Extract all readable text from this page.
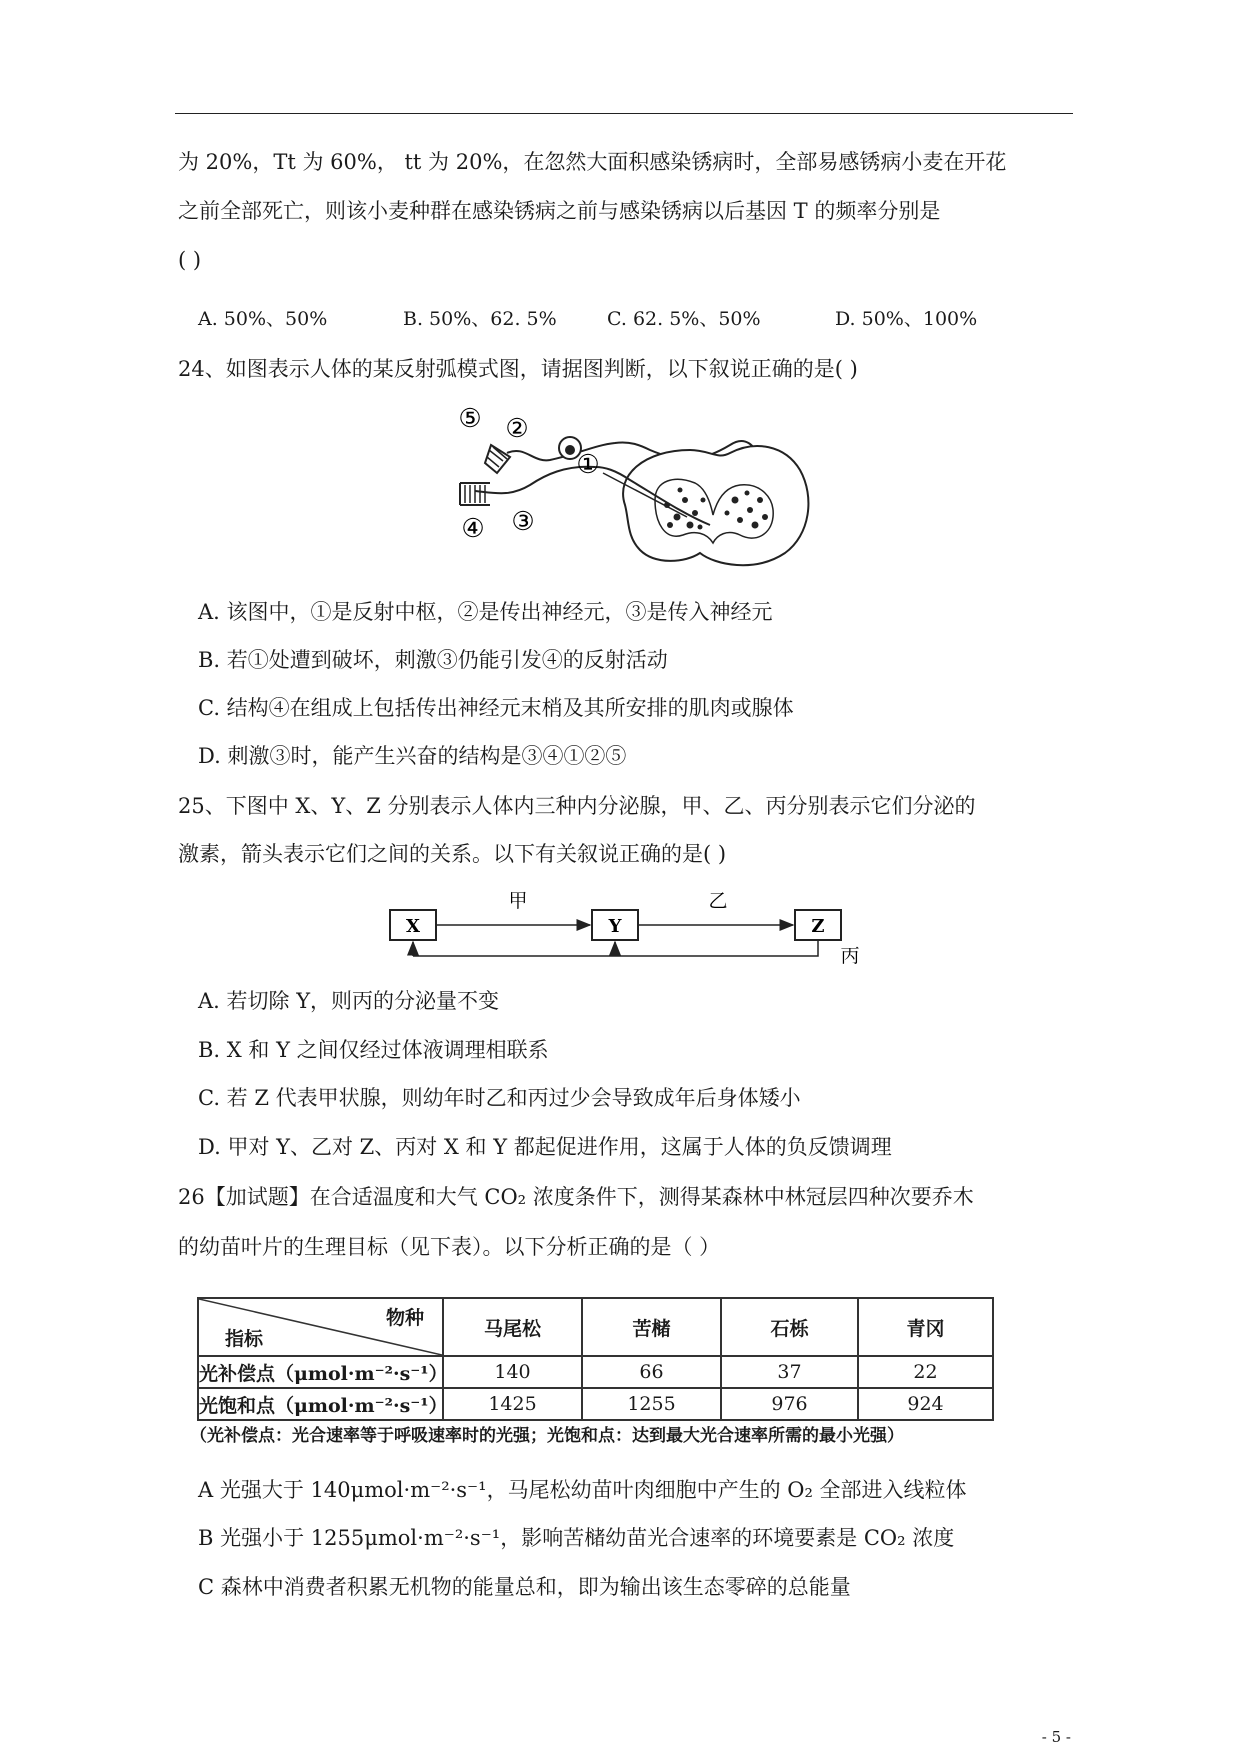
为 20%，Tt 为 60%， tt 为 20%，在忽然大面积感染锈病时，全部易感锈病小麦在开花
之前全部死亡，则该小麦种群在感染锈病之前与感染锈病以后基因 T 的频率分别是
( )
A. 50%、50%	B. 50%、62. 5%	C. 62. 5%、50%	D. 50%、100%
24、如图表示人体的某反射弧模式图，请据图判断，以下叙说正确的是( )
⑤ ②
①
④ ③
A. 该图中，①是反射中枢，②是传出神经元，③是传入神经元
B. 若①处遭到破坏，刺激③仍能引发④的反射活动
C. 结构④在组成上包括传出神经元末梢及其所安排的肌肉或腺体
D. 刺激③时，能产生兴奋的结构是③④①②⑤
25、下图中 X、Y、Z 分别表示人体内三种内分泌腺，甲、乙、丙分别表示它们分泌的
激素，箭头表示它们之间的关系。以下有关叙说正确的是( )
X	Y	Z
甲	乙
丙
A. 若切除 Y，则丙的分泌量不变
B. X 和 Y 之间仅经过体液调理相联系
C. 若 Z 代表甲状腺，则幼年时乙和丙过少会导致成年后身体矮小
D. 甲对 Y、乙对 Z、丙对 X 和 Y 都起促进作用，这属于人体的负反馈调理
26【加试题】在合适温度和大气 CO₂ 浓度条件下，测得某森林中林冠层四种次要乔木
的幼苗叶片的生理目标（见下表）。以下分析正确的是（ ）
物种
指标	马尾松	苦槠	石栎	青冈
光补偿点（μmol·m⁻²·s⁻¹）	140	66	37	22
光饱和点（μmol·m⁻²·s⁻¹）	1425	1255	976	924
（光补偿点：光合速率等于呼吸速率时的光强；光饱和点：达到最大光合速率所需的最小光强）
A 光强大于 140μmol·m⁻²·s⁻¹，马尾松幼苗叶肉细胞中产生的 O₂ 全部进入线粒体
B 光强小于 1255μmol·m⁻²·s⁻¹，影响苦槠幼苗光合速率的环境要素是 CO₂ 浓度
C 森林中消费者积累无机物的能量总和，即为输出该生态零碎的总能量
- 5 -
